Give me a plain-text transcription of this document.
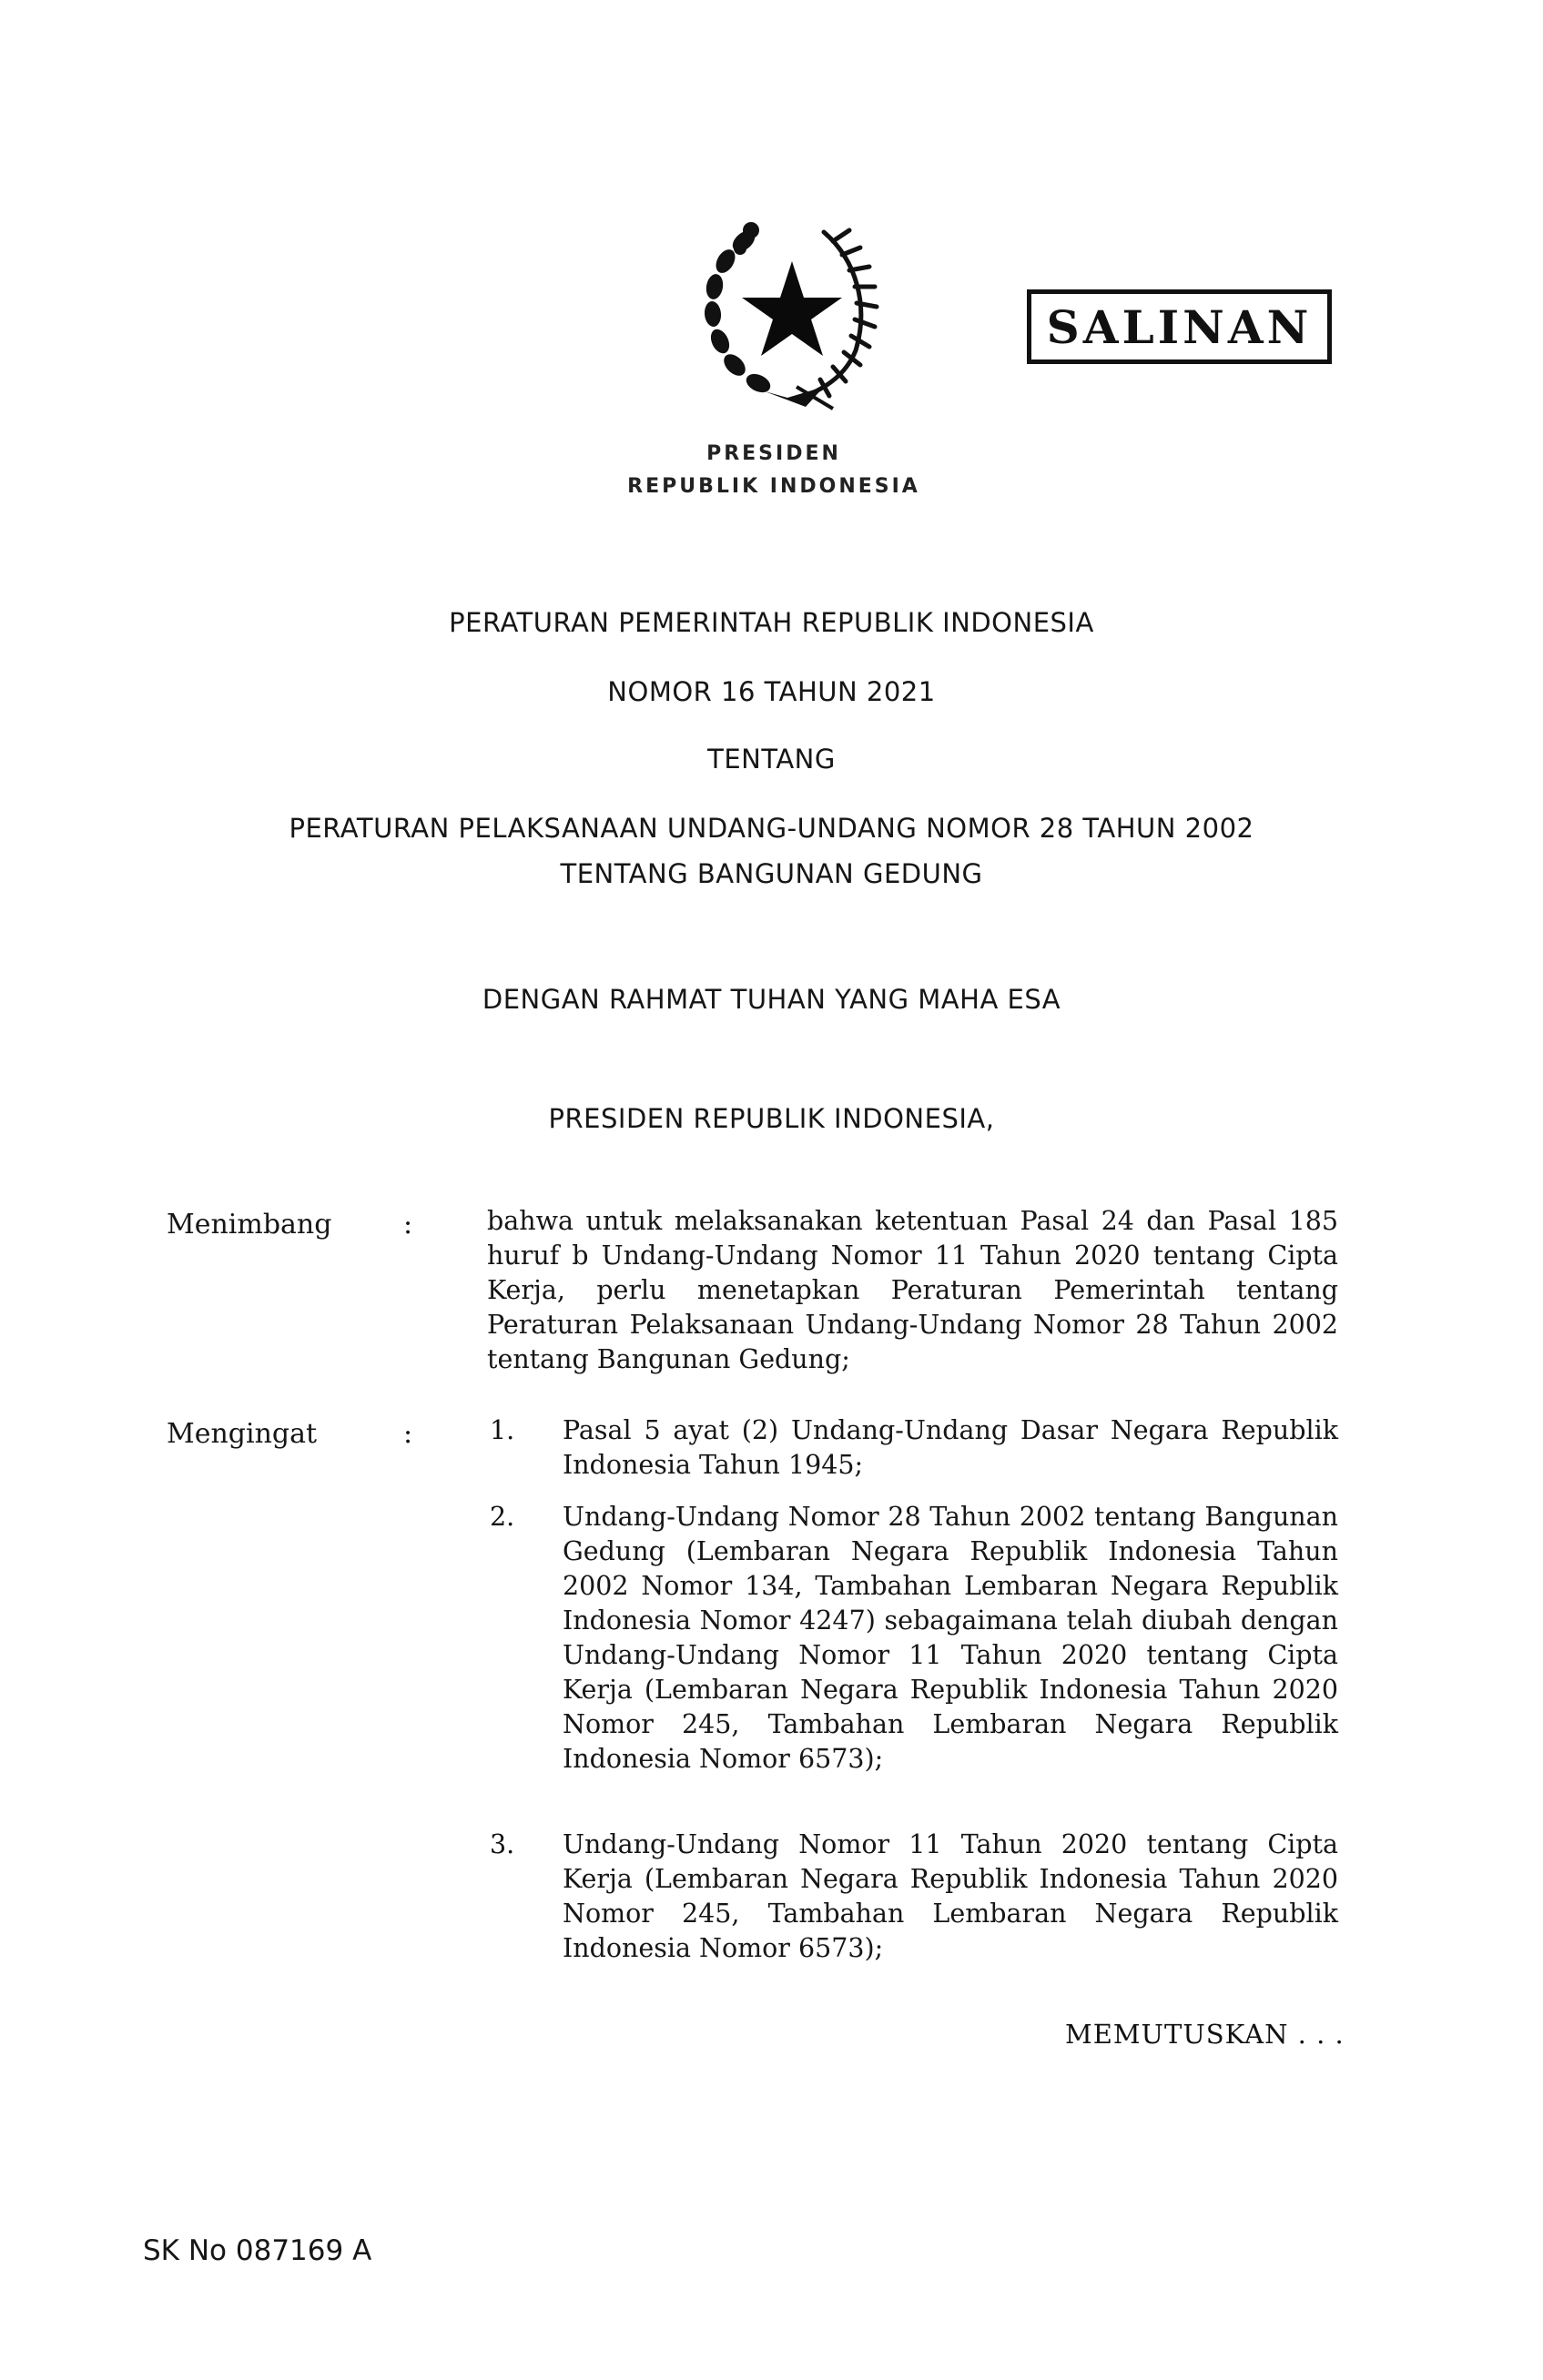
SALINAN
PRESIDEN
REPUBLIK INDONESIA
PERATURAN PEMERINTAH REPUBLIK INDONESIA
NOMOR 16 TAHUN 2021
TENTANG
PERATURAN PELAKSANAAN UNDANG-UNDANG NOMOR 28 TAHUN 2002
TENTANG BANGUNAN GEDUNG
DENGAN RAHMAT TUHAN YANG MAHA ESA
PRESIDEN REPUBLIK INDONESIA,
Menimbang	:	bahwa untuk melaksanakan ketentuan Pasal 24 dan Pasal 185 huruf b Undang-Undang Nomor 11 Tahun 2020 tentang Cipta Kerja, perlu menetapkan Peraturan Pemerintah tentang Peraturan Pelaksanaan Undang-Undang Nomor 28 Tahun 2002 tentang Bangunan Gedung;
Mengingat	:	1. Pasal 5 ayat (2) Undang-Undang Dasar Negara Republik Indonesia Tahun 1945;
2. Undang-Undang Nomor 28 Tahun 2002 tentang Bangunan Gedung (Lembaran Negara Republik Indonesia Tahun 2002 Nomor 134, Tambahan Lembaran Negara Republik Indonesia Nomor 4247) sebagaimana telah diubah dengan Undang-Undang Nomor 11 Tahun 2020 tentang Cipta Kerja (Lembaran Negara Republik Indonesia Tahun 2020 Nomor 245, Tambahan Lembaran Negara Republik Indonesia Nomor 6573);
3. Undang-Undang Nomor 11 Tahun 2020 tentang Cipta Kerja (Lembaran Negara Republik Indonesia Tahun 2020 Nomor 245, Tambahan Lembaran Negara Republik Indonesia Nomor 6573);
MEMUTUSKAN . . .
SK No 087169 A
